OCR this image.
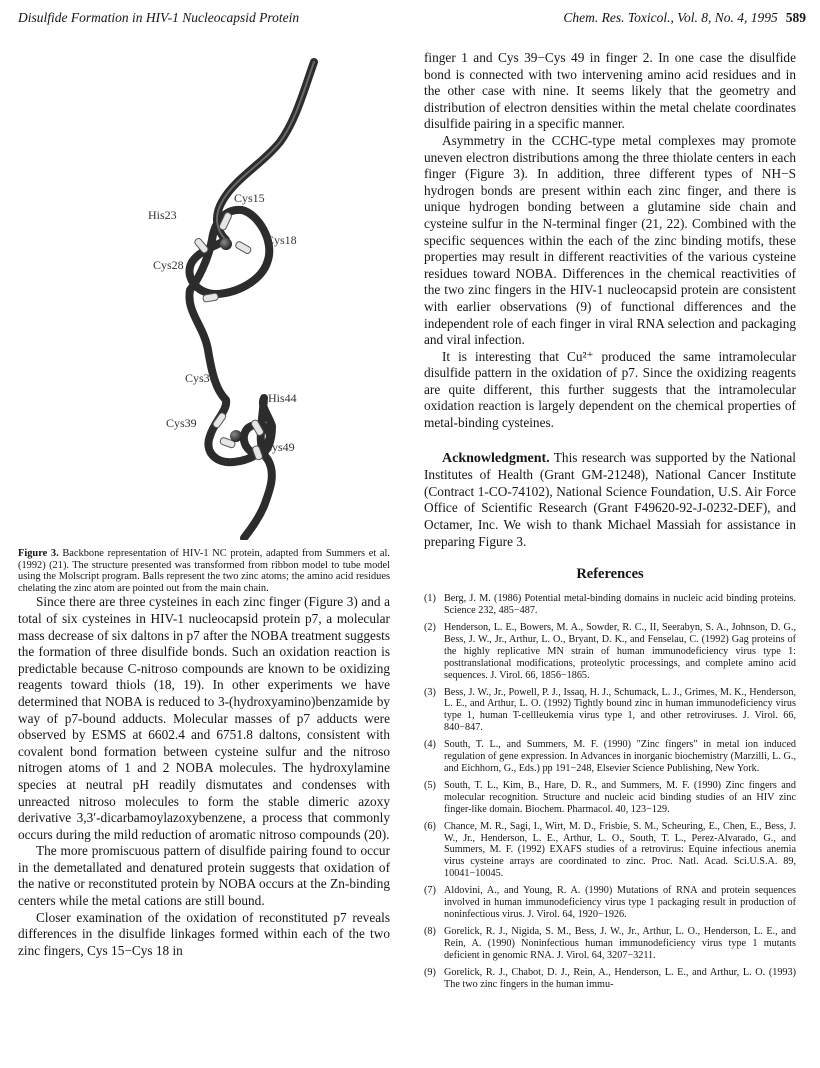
Disulfide Formation in HIV-1 Nucleocapsid Protein	Chem. Res. Toxicol., Vol. 8, No. 4, 1995 589
Cys15
His23
Cys18
Cys28
Cys36
His44
Cys39
Cys49
Figure 3. Backbone representation of HIV-1 NC protein, adapted from Summers et al. (1992) (21). The structure presented was transformed from ribbon model to tube model using the Molscript program. Balls represent the two zinc atoms; the amino acid residues chelating the zinc atom are pointed out from the main chain.

Since there are three cysteines in each zinc finger (Figure 3) and a total of six cysteines in HIV-1 nucleocapsid protein p7, a molecular mass decrease of six daltons in p7 after the NOBA treatment suggests the formation of three disulfide bonds. Such an oxidation reaction is predictable because C-nitroso compounds are known to be oxidizing reagents toward thiols (18, 19). In other experiments we have determined that NOBA is reduced to 3-(hydroxyamino)benzamide by way of p7-bound adducts. Molecular masses of p7 adducts were observed by ESMS at 6602.4 and 6751.8 daltons, consistent with covalent bond formation between cysteine sulfur and the nitroso nitrogen atoms of 1 and 2 NOBA molecules. The hydroxylamine species at neutral pH readily dismutates and condenses with unreacted nitroso molecules to form the stable dimeric azoxy derivative 3,3′-dicarbamoylazoxybenzene, a process that commonly occurs during the mild reduction of aromatic nitroso compounds (20).

The more promiscuous pattern of disulfide pairing found to occur in the demetallated and denatured protein suggests that oxidation of the native or reconstituted protein by NOBA occurs at the Zn-binding centers while the metal cations are still bound.

Closer examination of the oxidation of reconstituted p7 reveals differences in the disulfide linkages formed within each of the two zinc fingers, Cys 15−Cys 18 in

finger 1 and Cys 39−Cys 49 in finger 2. In one case the disulfide bond is connected with two intervening amino acid residues and in the other case with nine. It seems likely that the geometry and distribution of electron densities within the metal chelate coordinates disulfide pairing in a specific manner.

Asymmetry in the CCHC-type metal complexes may promote uneven electron distributions among the three thiolate centers in each finger (Figure 3). In addition, three different types of NH−S hydrogen bonds are present within each zinc finger, and there is unique hydrogen bonding between a glutamine side chain and cysteine sulfur in the N-terminal finger (21, 22). Combined with the specific sequences within the each of the zinc binding motifs, these properties may result in different reactivities of the various cysteine residues toward NOBA. Differences in the chemical reactivities of the two zinc fingers in the HIV-1 nucleocapsid protein are consistent with earlier observations (9) of functional differences and the independent role of each finger in viral RNA selection and packaging and viral infection.

It is interesting that Cu²⁺ produced the same intramolecular disulfide pattern in the oxidation of p7. Since the oxidizing reagents are quite different, this further suggests that the intramolecular oxidation reaction is largely dependent on the chemical properties of metal-binding cysteines.

Acknowledgment. This research was supported by the National Institutes of Health (Grant GM-21248), National Cancer Institute (Contract 1-CO-74102), National Science Foundation, U.S. Air Force Office of Scientific Research (Grant F49620-92-J-0232-DEF), and Octamer, Inc. We wish to thank Michael Massiah for assistance in preparing Figure 3.
References
(1) Berg, J. M. (1986) Potential metal-binding domains in nucleic acid binding proteins. Science 232, 485−487.
(2) Henderson, L. E., Bowers, M. A., Sowder, R. C., II, Seerabyn, S. A., Johnson, D. G., Bess, J. W., Jr., Arthur, L. O., Bryant, D. K., and Fenselau, C. (1992) Gag proteins of the highly replicative MN strain of human immunodeficiency virus type 1: posttranslational modifications, proteolytic processings, and complete amino acid sequences. J. Virol. 66, 1856−1865.
(3) Bess, J. W., Jr., Powell, P. J., Issaq, H. J., Schumack, L. J., Grimes, M. K., Henderson, L. E., and Arthur, L. O. (1992) Tightly bound zinc in human immunodeficiency virus type 1, human T-cellleukemia virus type 1, and other retroviruses. J. Virol. 66, 840−847.
(4) South, T. L., and Summers, M. F. (1990) "Zinc fingers" in metal ion induced regulation of gene expression. In Advances in inorganic biochemistry (Marzilli, L. G., and Eichhorn, G., Eds.) pp 191−248, Elsevier Science Publishing, New York.
(5) South, T. L., Kim, B., Hare, D. R., and Summers, M. F. (1990) Zinc fingers and molecular recognition. Structure and nucleic acid binding studies of an HIV zinc finger-like domain. Biochem. Pharmacol. 40, 123−129.
(6) Chance, M. R., Sagi, I., Wirt, M. D., Frisbie, S. M., Scheuring, E., Chen, E., Bess, J. W., Jr., Henderson, L. E., Arthur, L. O., South, T. L., Perez-Alvarado, G., and Summers, M. F. (1992) EXAFS studies of a retrovirus: Equine infectious anemia virus cysteine arrays are coordinated to zinc. Proc. Natl. Acad. Sci.U.S.A. 89, 10041−10045.
(7) Aldovini, A., and Young, R. A. (1990) Mutations of RNA and protein sequences involved in human immunodeficiency virus type 1 packaging result in production of noninfectious virus. J. Virol. 64, 1920−1926.
(8) Gorelick, R. J., Nigida, S. M., Bess, J. W., Jr., Arthur, L. O., Henderson, L. E., and Rein, A. (1990) Noninfectious human immunodeficiency virus type 1 mutants deficient in genomic RNA. J. Virol. 64, 3207−3211.
(9) Gorelick, R. J., Chabot, D. J., Rein, A., Henderson, L. E., and Arthur, L. O. (1993) The two zinc fingers in the human immu-
